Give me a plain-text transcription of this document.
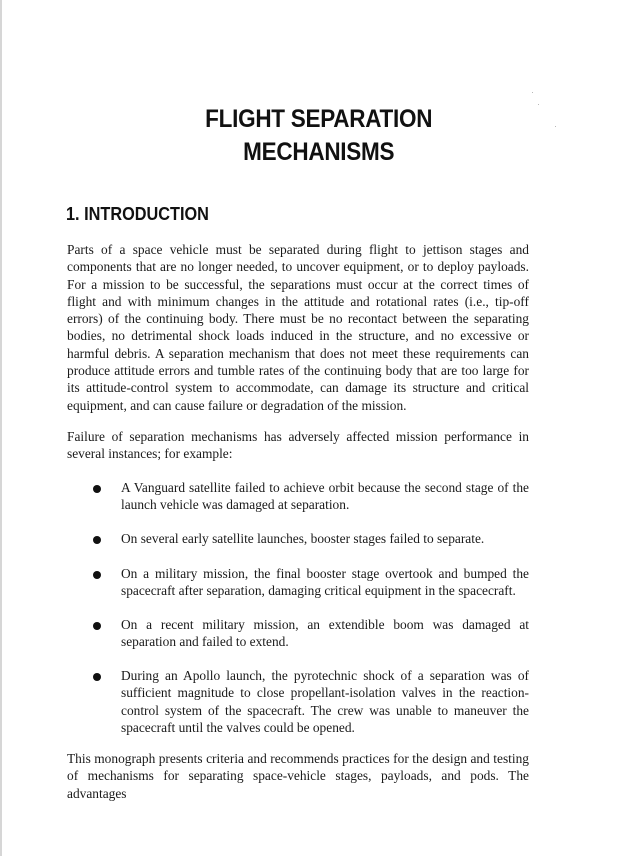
FLIGHT SEPARATION
MECHANISMS
1. INTRODUCTION

Parts of a space vehicle must be separated during flight to jettison stages and components that are no longer needed, to uncover equipment, or to deploy payloads. For a mission to be successful, the separations must occur at the correct times of flight and with minimum changes in the attitude and rotational rates (i.e., tip-off errors) of the continuing body. There must be no recontact between the separating bodies, no detrimental shock loads induced in the structure, and no excessive or harmful debris. A separation mechanism that does not meet these requirements can produce attitude errors and tumble rates of the continuing body that are too large for its attitude-control system to accommodate, can damage its structure and critical equipment, and can cause failure or degradation of the mission.

Failure of separation mechanisms has adversely affected mission performance in several instances; for example:

A Vanguard satellite failed to achieve orbit because the second stage of the launch vehicle was damaged at separation.

On several early satellite launches, booster stages failed to separate.

On a military mission, the final booster stage overtook and bumped the spacecraft after separation, damaging critical equipment in the spacecraft.

On a recent military mission, an extendible boom was damaged at separation and failed to extend.

During an Apollo launch, the pyrotechnic shock of a separation was of sufficient magnitude to close propellant-isolation valves in the reaction-control system of the spacecraft. The crew was unable to maneuver the spacecraft until the valves could be opened.

This monograph presents criteria and recommends practices for the design and testing of mechanisms for separating space-vehicle stages, payloads, and pods. The advantages
